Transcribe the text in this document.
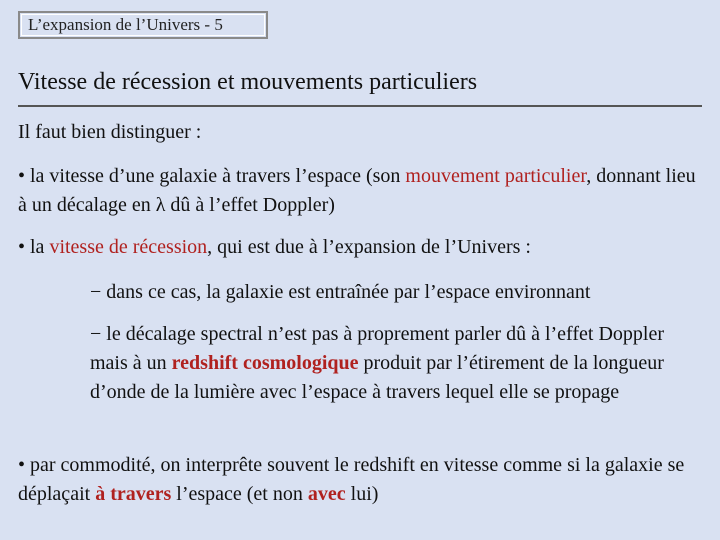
L’expansion de l’Univers - 5
Vitesse de récession et mouvements particuliers
Il faut bien distinguer :
• la vitesse d’une galaxie à travers l’espace (son mouvement particulier, donnant lieu à un décalage en λ dû à l’effet Doppler)
• la vitesse de récession, qui est due à l’expansion de l’Univers :
− dans ce cas, la galaxie est entraînée par l’espace environnant
− le décalage spectral n’est pas à proprement parler dû à l’effet Doppler mais à un redshift cosmologique produit par l’étirement de la longueur d’onde de la lumière avec l’espace à travers lequel elle se propage
• par commodité, on interprête souvent le redshift en vitesse comme si la galaxie se déplaçait à travers l’espace (et non avec lui)
